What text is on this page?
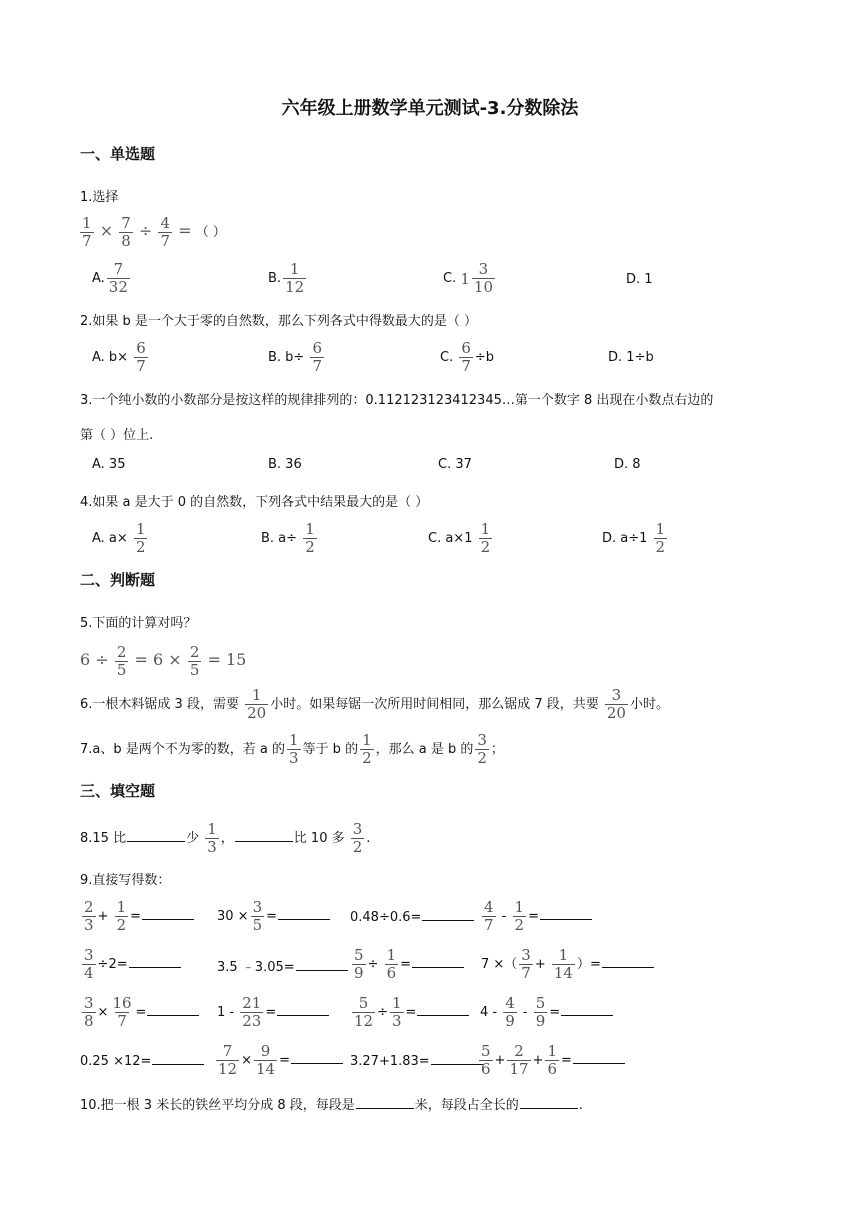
六年级上册数学单元测试-3.分数除法
一、单选题
1.选择
$\frac{1}{7} \times \frac{7}{8} \div \frac{4}{7}$ = （ ）
A. $\frac{7}{32}$	B. $\frac{1}{12}$	C. $1 \frac{3}{10}$	D. 1
2.如果 b 是一个大于零的自然数，那么下列各式中得数最大的是（ ）
A. $b\times \frac{6}{7}$	B. $b\div \frac{6}{7}$	C. $\frac{6}{7} \div b$	D. 1÷b
3.一个纯小数的小数部分是按这样的规律排列的：0.112123123412345…第一个数字 8 出现在小数点右边的
第（ ）位上.
A. 35	B. 36	C. 37	D. 8
4.如果 a 是大于 0 的自然数，下列各式中结果最大的是（ ）
A. $a\times \frac{1}{2}$	B. $a\div \frac{1}{2}$	C. $a\times 1 \frac{1}{2}$	D. $a\div 1 \frac{1}{2}$
二、判断题
5.下面的计算对吗？
$6 \div \frac{2}{5} = 6 \times \frac{2}{5} = 15$
6.一根木料锯成 3 段，需要 $\frac{1}{20}$ 小时。如果每锯一次所用时间相同，那么锯成 7 段，共要 $\frac{3}{20}$ 小时。
7.a、b 是两个不为零的数，若 a 的 $\frac{1}{3}$ 等于 b 的 $\frac{1}{2}$ ，那么 a 是 b 的 $\frac{3}{2}$ ；
三、填空题
8.15 比	少 $\frac{1}{3}$ ，	比 10 多 $\frac{3}{2}$ .
9.直接写得数：
$\frac{2}{3} + \frac{1}{2}$ =	$30 \times \frac{3}{5}$ =	0.48÷0.6=	$\frac{4}{7} - \frac{1}{2}$ =
$\frac{3}{4} \div 2=$	3.5 ﹣3.05=	$\frac{5}{9} \div \frac{1}{6}$ =	7 ×（ $\frac{3}{7} + \frac{1}{14}$ ）=
$\frac{3}{8} \times \frac{16}{7}$ =	$1 - \frac{21}{23}$ =	$\frac{5}{12} \div \frac{1}{3}$ =	$4 - \frac{4}{9} - \frac{5}{9}$ =
0.25 ×12=	$\frac{7}{12} \times \frac{9}{14}$ =	3.27+1.83=	$\frac{5}{6} + \frac{2}{17} + \frac{1}{6}$ =
10.把一根 3 米长的铁丝平均分成 8 段，每段是	米，每段占全长的	.
